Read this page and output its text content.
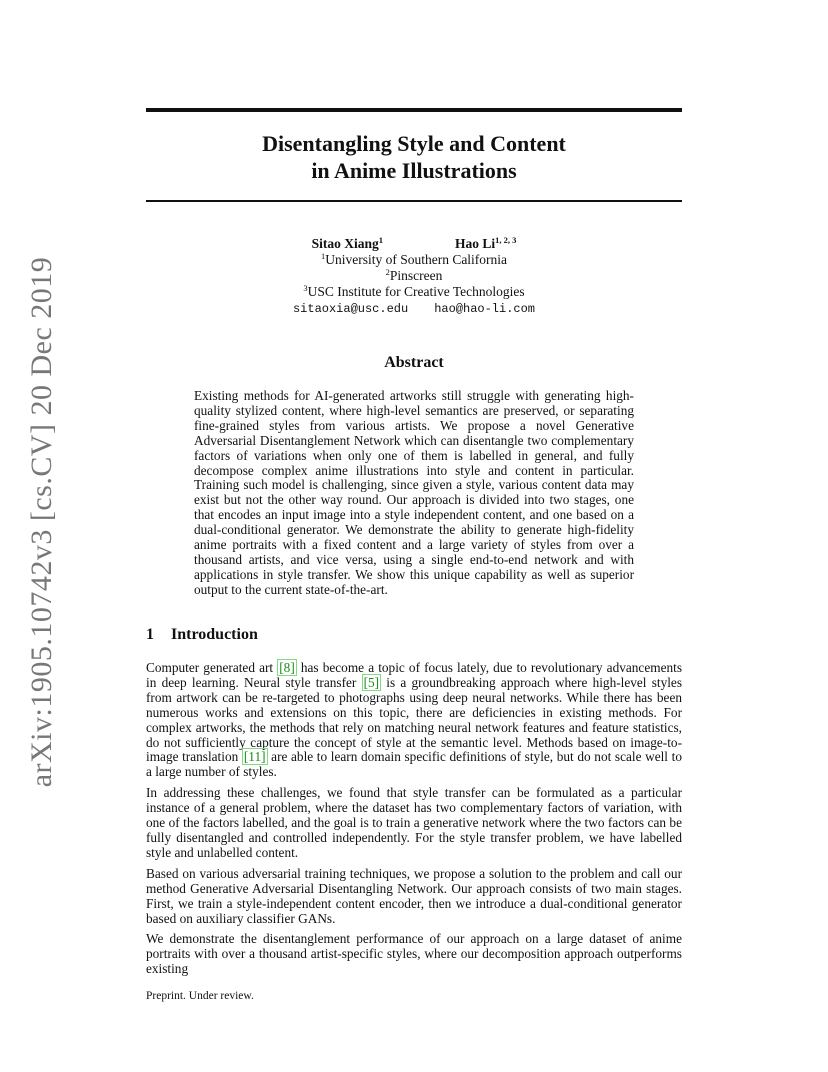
arXiv:1905.10742v3 [cs.CV] 20 Dec 2019
Disentangling Style and Content
in Anime Illustrations
Sitao Xiang$^1$	Hao Li$^{1, 2, 3}$
$^1$University of Southern California
$^2$Pinscreen
$^3$USC Institute for Creative Technologies
sitaoxia@usc.edu hao@hao-li.com
Abstract

Existing methods for AI-generated artworks still struggle with generating high-quality stylized content, where high-level semantics are preserved, or separating fine-grained styles from various artists. We propose a novel Generative Adversarial Disentanglement Network which can disentangle two complementary factors of variations when only one of them is labelled in general, and fully decompose complex anime illustrations into style and content in particular. Training such model is challenging, since given a style, various content data may exist but not the other way round. Our approach is divided into two stages, one that encodes an input image into a style independent content, and one based on a dual-conditional generator. We demonstrate the ability to generate high-fidelity anime portraits with a fixed content and a large variety of styles from over a thousand artists, and vice versa, using a single end-to-end network and with applications in style transfer. We show this unique capability as well as superior output to the current state-of-the-art.

1 Introduction

Computer generated art [8] has become a topic of focus lately, due to revolutionary advancements in deep learning. Neural style transfer [5] is a groundbreaking approach where high-level styles from artwork can be re-targeted to photographs using deep neural networks. While there has been numerous works and extensions on this topic, there are deficiencies in existing methods. For complex artworks, the methods that rely on matching neural network features and feature statistics, do not sufficiently capture the concept of style at the semantic level. Methods based on image-to-image translation [11] are able to learn domain specific definitions of style, but do not scale well to a large number of styles.

In addressing these challenges, we found that style transfer can be formulated as a particular instance of a general problem, where the dataset has two complementary factors of variation, with one of the factors labelled, and the goal is to train a generative network where the two factors can be fully disentangled and controlled independently. For the style transfer problem, we have labelled style and unlabelled content.

Based on various adversarial training techniques, we propose a solution to the problem and call our method Generative Adversarial Disentangling Network. Our approach consists of two main stages. First, we train a style-independent content encoder, then we introduce a dual-conditional generator based on auxiliary classifier GANs.

We demonstrate the disentanglement performance of our approach on a large dataset of anime portraits with over a thousand artist-specific styles, where our decomposition approach outperforms existing

Preprint. Under review.
